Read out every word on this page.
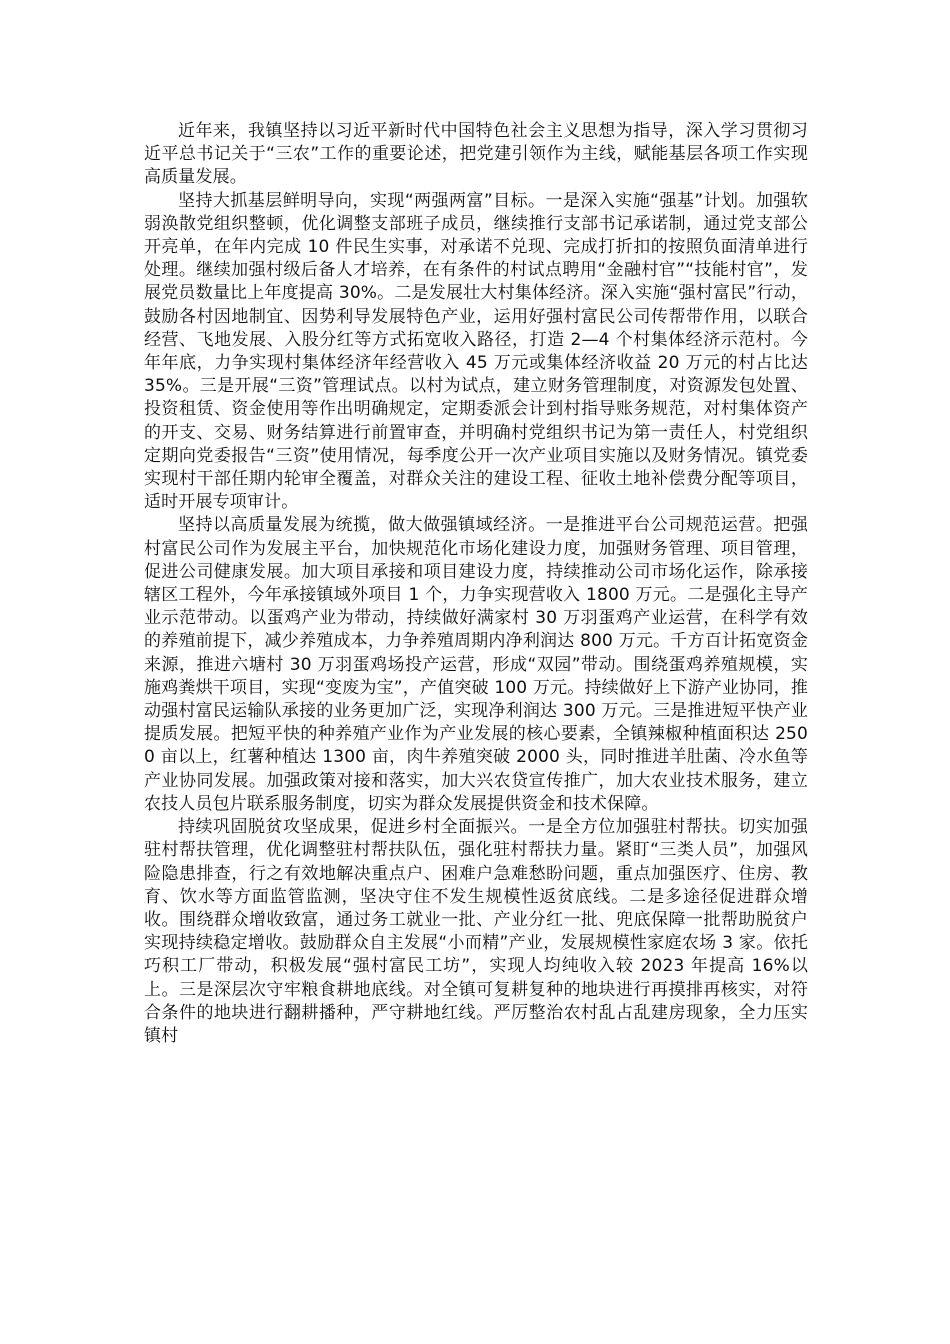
近年来，我镇坚持以习近平新时代中国特色社会主义思想为指导，深入学习贯彻习近平总书记关于“三农”工作的重要论述，把党建引领作为主线，赋能基层各项工作实现高质量发展。

坚持大抓基层鲜明导向，实现“两强两富”目标。一是深入实施“强基”计划。加强软弱涣散党组织整顿，优化调整支部班子成员，继续推行支部书记承诺制，通过党支部公开亮单，在年内完成 10 件民生实事，对承诺不兑现、完成打折扣的按照负面清单进行处理。继续加强村级后备人才培养，在有条件的村试点聘用“金融村官”“技能村官”，发展党员数量比上年度提高 30%。二是发展壮大村集体经济。深入实施“强村富民”行动，鼓励各村因地制宜、因势利导发展特色产业，运用好强村富民公司传帮带作用，以联合经营、飞地发展、入股分红等方式拓宽收入路径，打造 2—4 个村集体经济示范村。今年年底，力争实现村集体经济年经营收入 45 万元或集体经济收益 20 万元的村占比达 35%。三是开展“三资”管理试点。以村为试点，建立财务管理制度，对资源发包处置、投资租赁、资金使用等作出明确规定，定期委派会计到村指导账务规范，对村集体资产的开支、交易、财务结算进行前置审查，并明确村党组织书记为第一责任人，村党组织定期向党委报告“三资”使用情况，每季度公开一次产业项目实施以及财务情况。镇党委实现村干部任期内轮审全覆盖，对群众关注的建设工程、征收土地补偿费分配等项目，适时开展专项审计。

坚持以高质量发展为统揽，做大做强镇域经济。一是推进平台公司规范运营。把强村富民公司作为发展主平台，加快规范化市场化建设力度，加强财务管理、项目管理，促进公司健康发展。加大项目承接和项目建设力度，持续推动公司市场化运作，除承接辖区工程外，今年承接镇域外项目 1 个，力争实现营收入 1800 万元。二是强化主导产业示范带动。以蛋鸡产业为带动，持续做好满家村 30 万羽蛋鸡产业运营，在科学有效的养殖前提下，减少养殖成本，力争养殖周期内净利润达 800 万元。千方百计拓宽资金来源，推进六塘村 30 万羽蛋鸡场投产运营，形成“双园”带动。围绕蛋鸡养殖规模，实施鸡粪烘干项目，实现“变废为宝”，产值突破 100 万元。持续做好上下游产业协同，推动强村富民运输队承接的业务更加广泛，实现净利润达 300 万元。三是推进短平快产业提质发展。把短平快的种养殖产业作为产业发展的核心要素，全镇辣椒种植面积达 2500 亩以上，红薯种植达 1300 亩，肉牛养殖突破 2000 头，同时推进羊肚菌、冷水鱼等产业协同发展。加强政策对接和落实，加大兴农贷宣传推广，加大农业技术服务，建立农技人员包片联系服务制度，切实为群众发展提供资金和技术保障。

持续巩固脱贫攻坚成果，促进乡村全面振兴。一是全方位加强驻村帮扶。切实加强驻村帮扶管理，优化调整驻村帮扶队伍，强化驻村帮扶力量。紧盯“三类人员”，加强风险隐患排查，行之有效地解决重点户、困难户急难愁盼问题，重点加强医疗、住房、教育、饮水等方面监管监测，坚决守住不发生规模性返贫底线。二是多途径促进群众增收。围绕群众增收致富，通过务工就业一批、产业分红一批、兜底保障一批帮助脱贫户实现持续稳定增收。鼓励群众自主发展“小而精”产业，发展规模性家庭农场 3 家。依托巧积工厂带动，积极发展“强村富民工坊”，实现人均纯收入较 2023 年提高 16%以上。三是深层次守牢粮食耕地底线。对全镇可复耕复种的地块进行再摸排再核实，对符合条件的地块进行翻耕播种，严守耕地红线。严厉整治农村乱占乱建房现象，全力压实镇村
